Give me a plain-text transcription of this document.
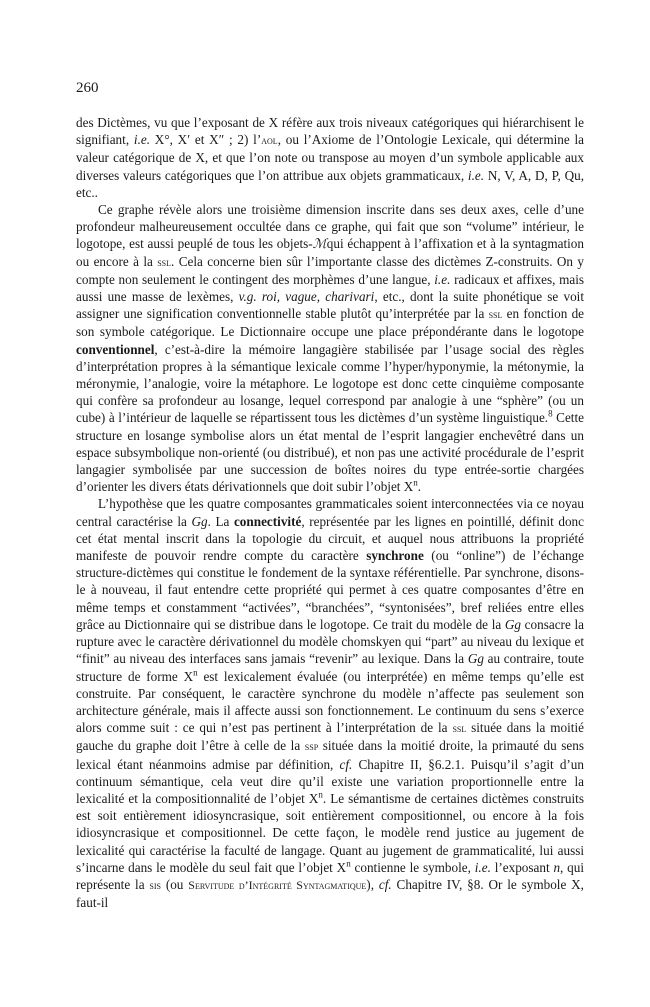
260

des Dictèmes, vu que l’exposant de X réfère aux trois niveaux catégoriques qui hiérarchisent le signifiant, i.e. X°, X′ et X″ ; 2) l’aol, ou l’Axiome de l’Ontologie Lexicale, qui détermine la valeur catégorique de X, et que l’on note ou transpose au moyen d’un symbole applicable aux diverses valeurs catégoriques que l’on attribue aux objets grammaticaux, i.e. N, V, A, D, P, Qu, etc..

Ce graphe révèle alors une troisième dimension inscrite dans ses deux axes, celle d’une profondeur malheureusement occultée dans ce graphe, qui fait que son “volume” intérieur, le logotope, est aussi peuplé de tous les objets-ℳqui échappent à l’affixation et à la syntagmation ou encore à la ssl. Cela concerne bien sûr l’importante classe des dictèmes Z-construits. On y compte non seulement le contingent des morphèmes d’une langue, i.e. radicaux et affixes, mais aussi une masse de lexèmes, v.g. roi, vague, charivari, etc., dont la suite phonétique se voit assigner une signification conventionnelle stable plutôt qu’interprétée par la ssl en fonction de son symbole catégorique. Le Dictionnaire occupe une place prépondérante dans le logotope conventionnel, c’est-à-dire la mémoire langagière stabilisée par l’usage social des règles d’interprétation propres à la sémantique lexicale comme l’hyper/hyponymie, la métonymie, la méronymie, l’analogie, voire la métaphore. Le logotope est donc cette cinquième composante qui confère sa profondeur au losange, lequel correspond par analogie à une “sphère” (ou un cube) à l’intérieur de laquelle se répartissent tous les dictèmes d’un système linguistique.$^8$ Cette structure en losange symbolise alors un état mental de l’esprit langagier enchevêtré dans un espace subsymbolique non-orienté (ou distribué), et non pas une activité procédurale de l’esprit langagier symbolisée par une succession de boîtes noires du type entrée-sortie chargées d’orienter les divers états dérivationnels que doit subir l’objet $X^n$.

L’hypothèse que les quatre composantes grammaticales soient interconnectées via ce noyau central caractérise la Gg. La connectivité, représentée par les lignes en pointillé, définit donc cet état mental inscrit dans la topologie du circuit, et auquel nous attribuons la propriété manifeste de pouvoir rendre compte du caractère synchrone (ou “online”) de l’échange structure-dictèmes qui constitue le fondement de la syntaxe référentielle. Par synchrone, disons-le à nouveau, il faut entendre cette propriété qui permet à ces quatre composantes d’être en même temps et constamment “activées”, “branchées”, “syntonisées”, bref reliées entre elles grâce au Dictionnaire qui se distribue dans le logotope. Ce trait du modèle de la Gg consacre la rupture avec le caractère dérivationnel du modèle chomskyen qui “part” au niveau du lexique et “finit” au niveau des interfaces sans jamais “revenir” au lexique. Dans la Gg au contraire, toute structure de forme $X^n$ est lexicalement évaluée (ou interprétée) en même temps qu’elle est construite. Par conséquent, le caractère synchrone du modèle n’affecte pas seulement son architecture générale, mais il affecte aussi son fonctionnement. Le continuum du sens s’exerce alors comme suit : ce qui n’est pas pertinent à l’interprétation de la ssl située dans la moitié gauche du graphe doit l’être à celle de la ssp située dans la moitié droite, la primauté du sens lexical étant néanmoins admise par définition, cf. Chapitre II, §6.2.1. Puisqu’il s’agit d’un continuum sémantique, cela veut dire qu’il existe une variation proportionnelle entre la lexicalité et la compositionnalité de l’objet $X^n$. Le sémantisme de certaines dictèmes construits est soit entièrement idiosyncrasique, soit entièrement compositionnel, ou encore à la fois idiosyncrasique et compositionnel. De cette façon, le modèle rend justice au jugement de lexicalité qui caractérise la faculté de langage. Quant au jugement de grammaticalité, lui aussi s’incarne dans le modèle du seul fait que l’objet $X^n$ contienne le symbole, i.e. l’exposant n, qui représente la sis (ou Servitude d’Intégrité Syntagmatique), cf. Chapitre IV, §8. Or le symbole X, faut-il
